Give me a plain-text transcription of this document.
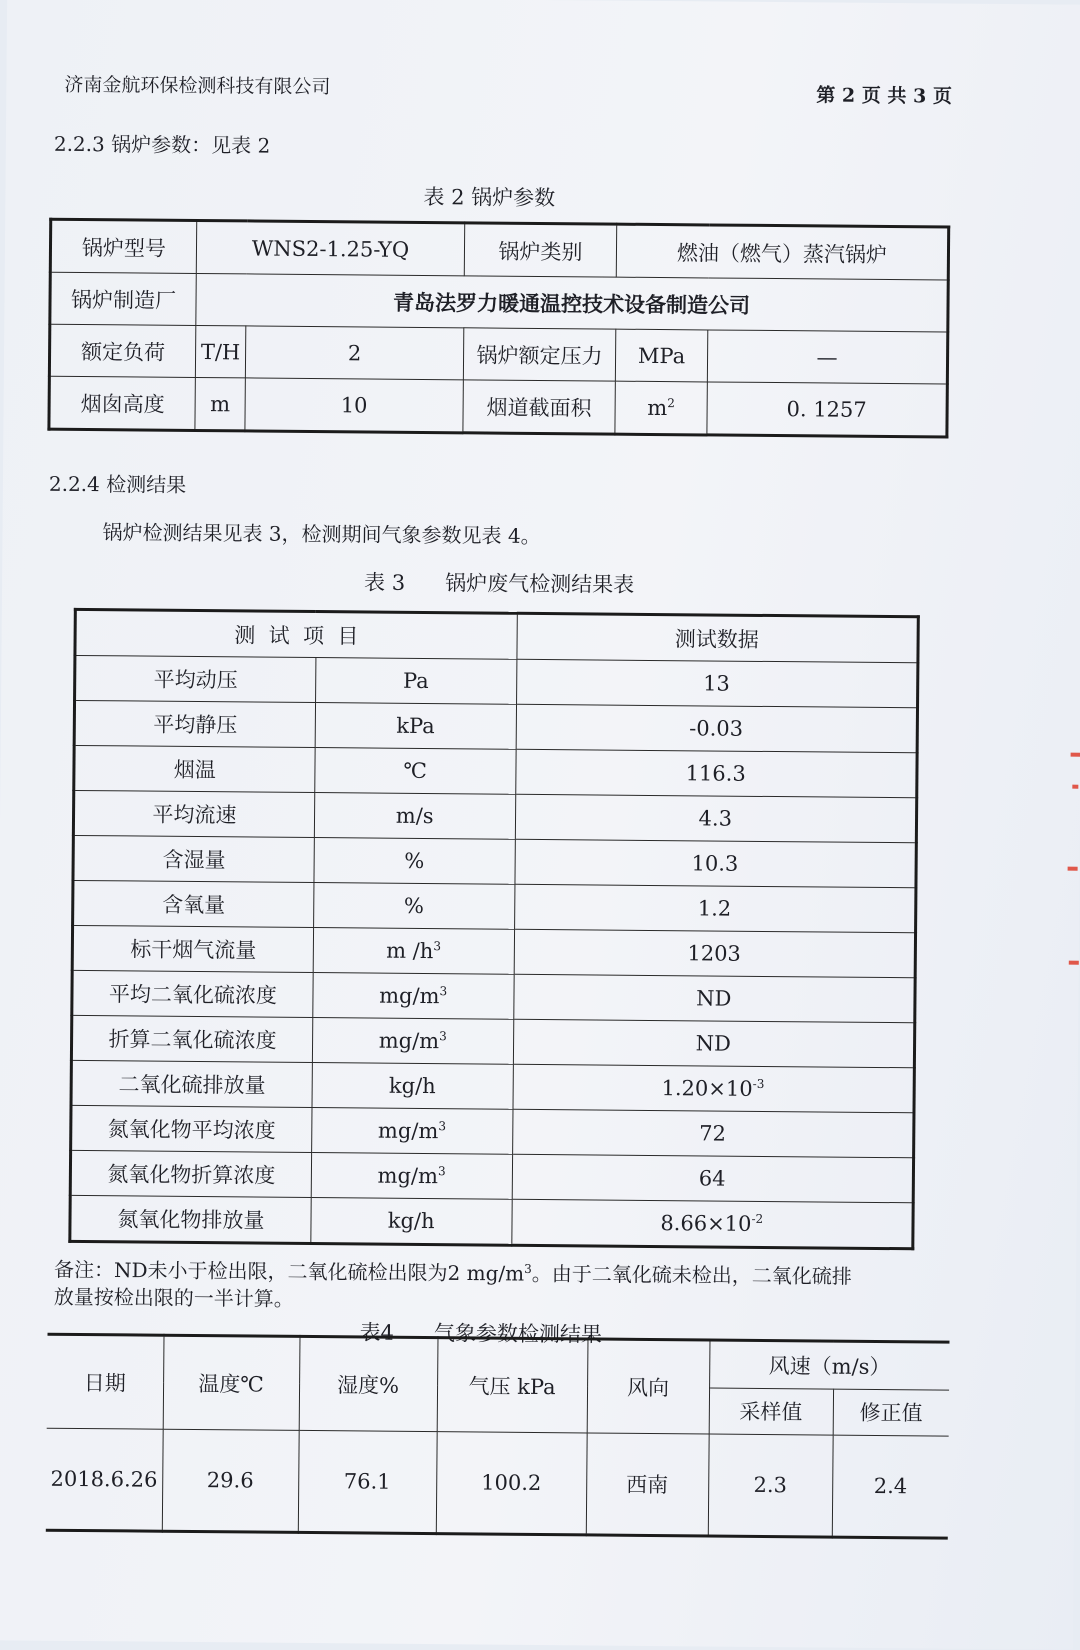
济南金航环保检测科技有限公司	第 2 页 共 3 页
2.2.3 锅炉参数：见表 2
表 2 锅炉参数
锅炉型号	WNS2-1.25-YQ		锅炉类别	燃油（燃气）蒸汽锅炉	
锅炉制造厂	青岛法罗力暖通温控技术设备制造公司				
额定负荷	T/H	2	锅炉额定压力	MPa	—
烟囱高度	m	10	烟道截面积	$m^2$	0. 1257
2.2.4 检测结果
锅炉检测结果见表 3，检测期间气象参数见表 4。
表 3      锅炉废气检测结果表
测  试  项  目		测试数据
平均动压	Pa	13
平均静压	kPa	-0.03
烟温	℃	116.3
平均流速	m/s	4.3
含湿量	%	10.3
含氧量	%	1.2
标干烟气流量	m $/h^3$	1203
平均二氧化硫浓度	$mg/m^3$	ND
折算二氧化硫浓度	$mg/m^3$	ND
二氧化硫排放量	kg/h	$1.20\times 10^{-3}$
氮氧化物平均浓度	$mg/m^3$	72
氮氧化物折算浓度	$mg/m^3$	64
氮氧化物排放量	kg/h	$8.66\times 10^{-2}$
备注：ND未小于检出限，二氧化硫检出限为2 $mg/m^3$。由于二氧化硫未检出，二氧化硫排
放量按检出限的一半计算。
表4      气象参数检测结果
日期	温度℃	湿度%	气压 kPa	风向	风速（m/s）	
					采样值	修正值
2018.6.26	29.6	76.1	100.2	西南	2.3	2.4
